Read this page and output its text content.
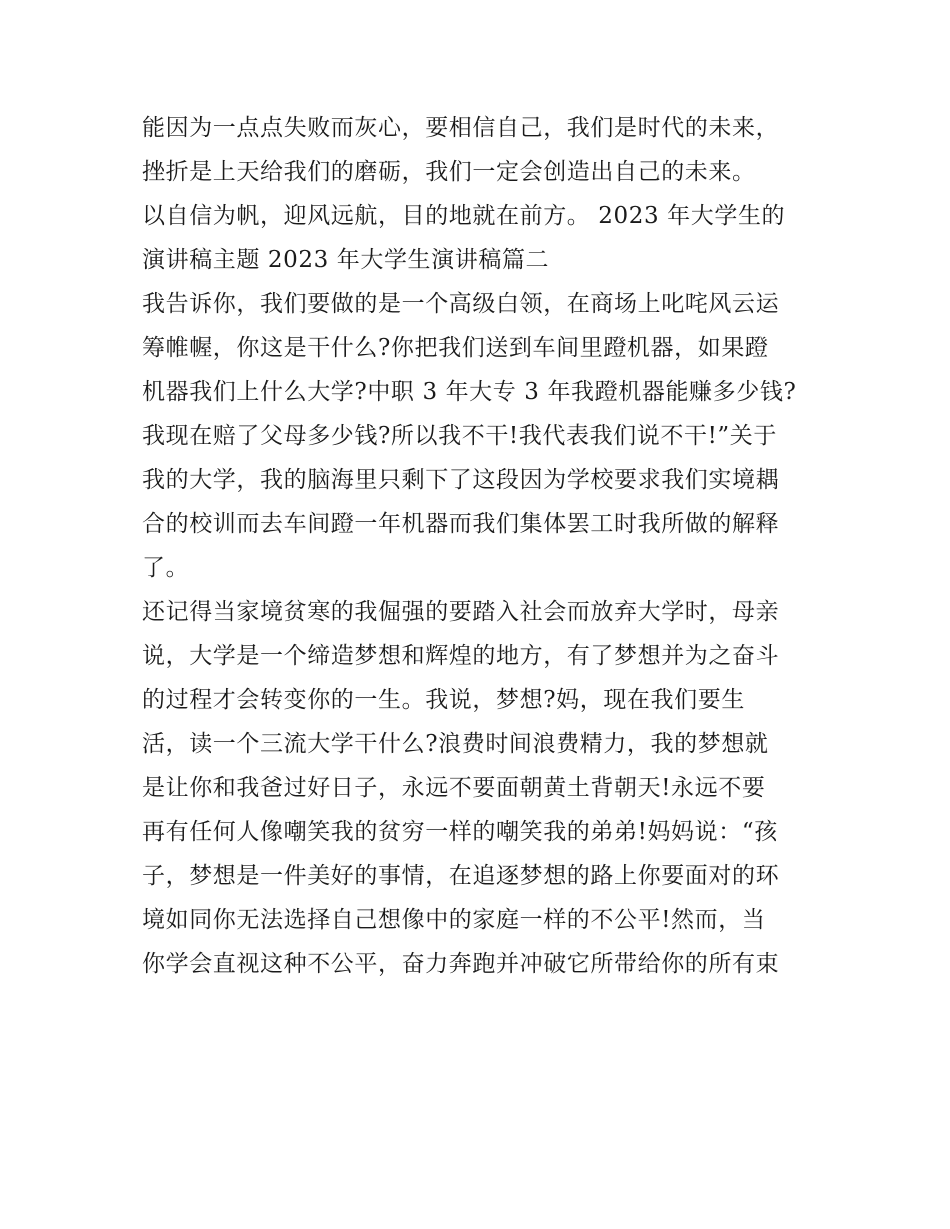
能因为一点点失败而灰心，要相信自己，我们是时代的未来，
挫折是上天给我们的磨砺，我们一定会创造出自己的未来。
以自信为帆，迎风远航，目的地就在前方。 2023 年大学生的
演讲稿主题 2023 年大学生演讲稿篇二
我告诉你，我们要做的是一个高级白领，在商场上叱咤风云运
筹帷幄，你这是干什么?你把我们送到车间里蹬机器，如果蹬
机器我们上什么大学?中职 3 年大专 3 年我蹬机器能赚多少钱?
我现在赔了父母多少钱?所以我不干!我代表我们说不干!”关于
我的大学，我的脑海里只剩下了这段因为学校要求我们实境耦
合的校训而去车间蹬一年机器而我们集体罢工时我所做的解释
了。
还记得当家境贫寒的我倔强的要踏入社会而放弃大学时，母亲
说，大学是一个缔造梦想和辉煌的地方，有了梦想并为之奋斗
的过程才会转变你的一生。我说，梦想?妈，现在我们要生
活，读一个三流大学干什么?浪费时间浪费精力，我的梦想就
是让你和我爸过好日子，永远不要面朝黄土背朝天!永远不要
再有任何人像嘲笑我的贫穷一样的嘲笑我的弟弟!妈妈说：“孩
子，梦想是一件美好的事情，在追逐梦想的路上你要面对的环
境如同你无法选择自己想像中的家庭一样的不公平!然而，当
你学会直视这种不公平，奋力奔跑并冲破它所带给你的所有束
